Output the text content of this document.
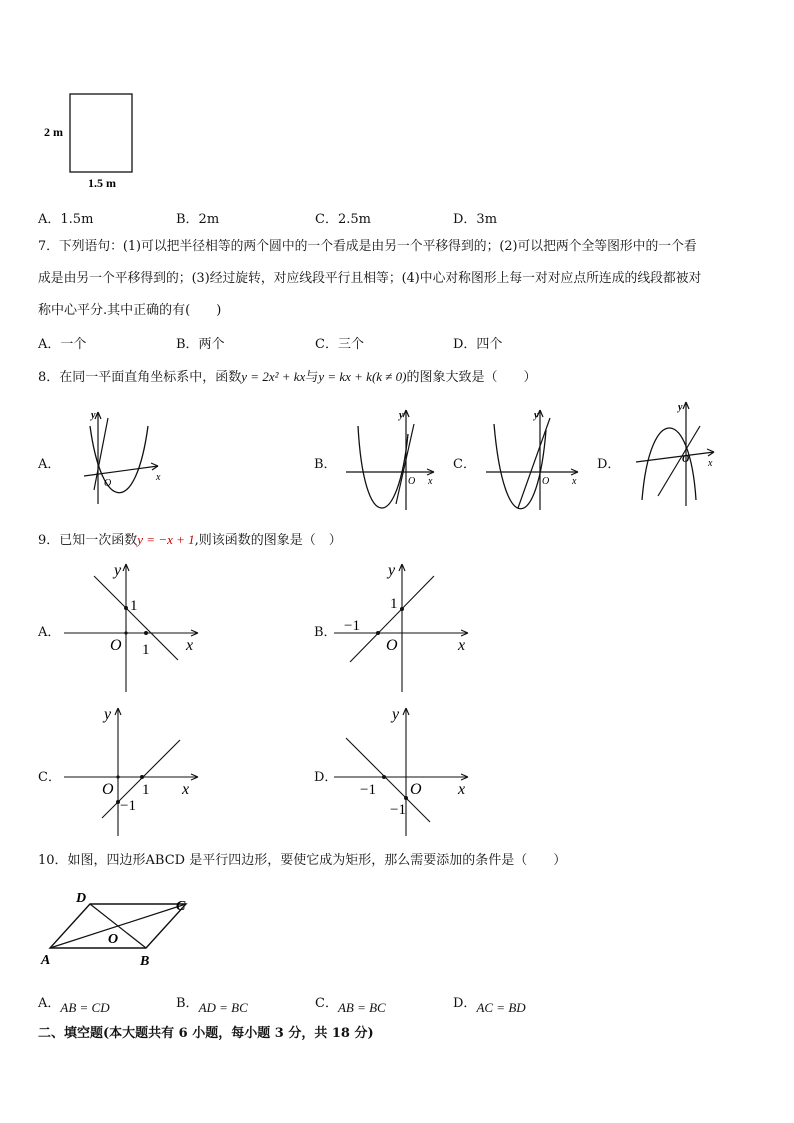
2 m
1.5 m
A．1.5m	B．2m	C．2.5m	D．3m
7．下列语句：(1)可以把半径相等的两个圆中的一个看成是由另一个平移得到的；(2)可以把两个全等图形中的一个看
成是由另一个平移得到的；(3)经过旋转，对应线段平行且相等；(4)中心对称图形上每一对对应点所连成的线段都被对
称中心平分.其中正确的有(　　)
A．一个	B．两个	C．三个	D．四个
8．在同一平面直角坐标系中，函数y = 2x² + kx与y = kx + k(k ≠ 0)的图象大致是（　　）
A．
y
x
O
B．
y
x
O
C．
y
x
O
D．
y
x
O
9．已知一次函数y = −x + 1,则该函数的图象是（　）
A．
y
x
O
1
1
B．
y
x
O
1
−1
C．
y
x
O 1
−1
D．
y
x
O
−1
−1
10．如图，四边形ABCD 是平行四边形，要使它成为矩形，那么需要添加的条件是（　　）
A	B
C
D
O
A．AB = CD	B．AD = BC	C．AB = BC	D．AC = BD
二、填空题(本大题共有 6 小题，每小题 3 分，共 18 分)
